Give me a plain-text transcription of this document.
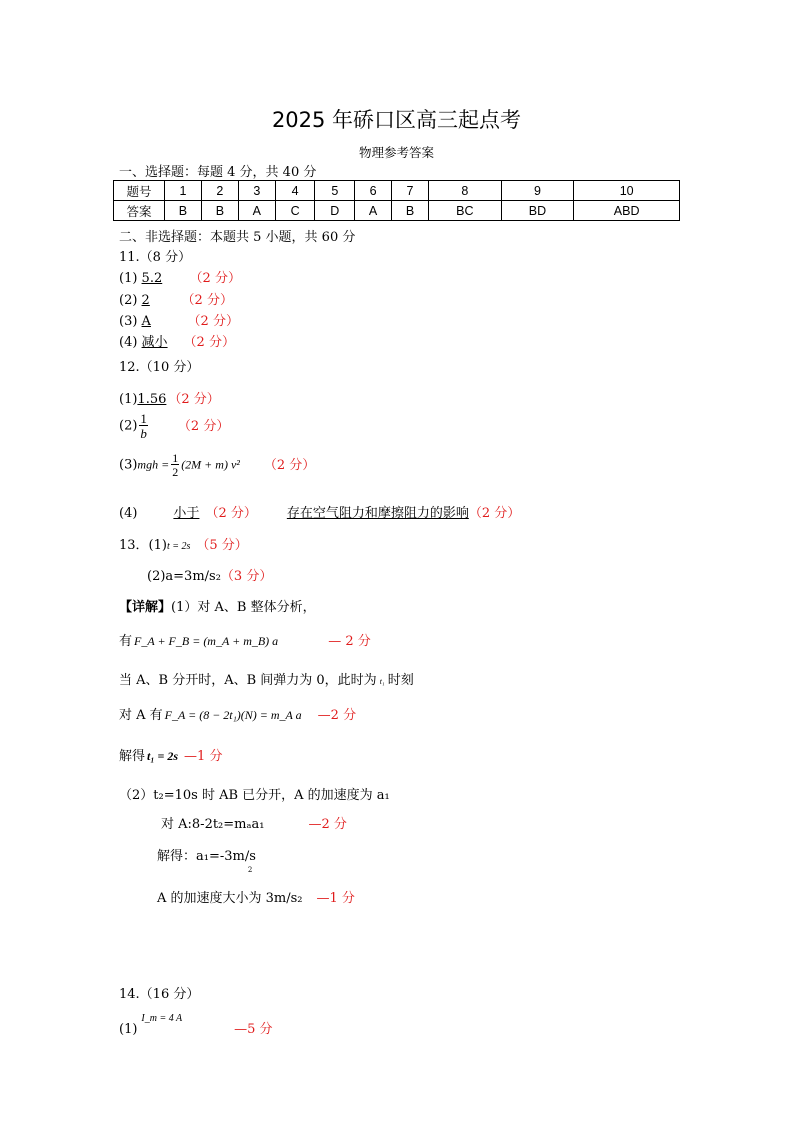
2025 年硚口区高三起点考
物理参考答案
一、选择题：每题 4 分，共 40 分
题号	1	2	3	4	5	6	7	8	9	10
答案	B	B	A	C	D	A	B	BC	BD	ABD
二、非选择题：本题共 5 小题，共 60 分
11.（8 分）
(1) 5.2 （2 分）
(2) 2 （2 分）
(3) A	（2 分）
(4) 减小 （2 分）
12.（10 分）
(1)1.56 （2 分）
$(2) \frac{1}{b} (2$ 分）
$(3)mgh = \frac{1}{2} (2M + m)$ v² （2 分）
(4)	小于 （2 分） 存在空气阻力和摩擦阻力的影响（2 分）
13．(1)t = 2s （5 分）
(2)a=3m/s₂（3 分）
【详解】(1）对 A、B 整体分析，
有 F_A + F_B = (m_A + m_B) a	— 2 分
当 A、B 分开时，A、B 间弹力为 0，此时为 t₁ 时刻
对 A 有 F_A = (8 − 2t₁)(N) = m_A a —2 分
解得 t₁ = 2s —1 分
（2）t₂=10s 时 AB 已分开，A 的加速度为 a₁
对 A:8-2t₂=mₐa₁	—2 分
解得：$a_1=-3m/s_2$
A 的加速度大小为 3m/s₂ —1 分
14.（16 分）
(1)I_m = 4 A—5 分
